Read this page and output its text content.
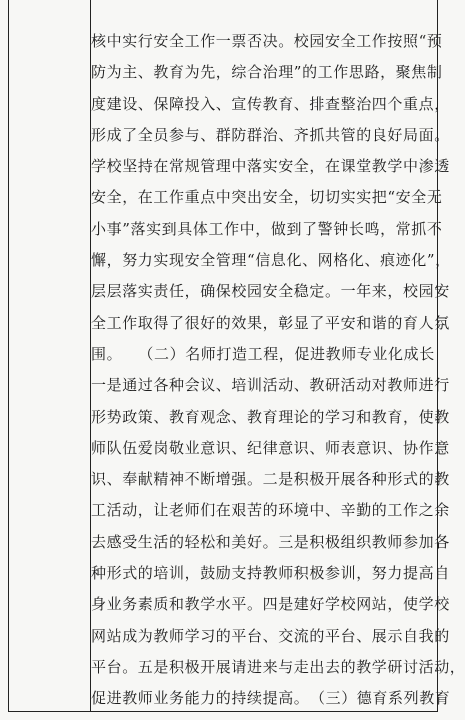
核中实行安全工作一票否决。校园安全工作按照“预
防为主、教育为先，综合治理”的工作思路，聚焦制
度建设、保障投入、宣传教育、排查整治四个重点，
形成了全员参与、群防群治、齐抓共管的良好局面。
学校坚持在常规管理中落实安全，在课堂教学中渗透
安全，在工作重点中突出安全，切切实实把“安全无
小事”落实到具体工作中，做到了警钟长鸣，常抓不
懈，努力实现安全管理“信息化、网格化、痕迹化”，
层层落实责任，确保校园安全稳定。一年来，校园安
全工作取得了很好的效果，彰显了平安和谐的育人氛
围。　　（二）名师打造工程，促进教师专业化成长
一是通过各种会议、培训活动、教研活动对教师进行
形势政策、教育观念、教育理论的学习和教育，使教
师队伍爱岗敬业意识、纪律意识、师表意识、协作意
识、奉献精神不断增强。二是积极开展各种形式的教
工活动，让老师们在艰苦的环境中、辛勤的工作之余
去感受生活的轻松和美好。三是积极组织教师参加各
种形式的培训，鼓励支持教师积极参训，努力提高自
身业务素质和教学水平。四是建好学校网站，使学校
网站成为教师学习的平台、交流的平台、展示自我的
平台。五是积极开展请进来与走出去的教学研讨活动，
促进教师业务能力的持续提高。　（三）德育系列教育
